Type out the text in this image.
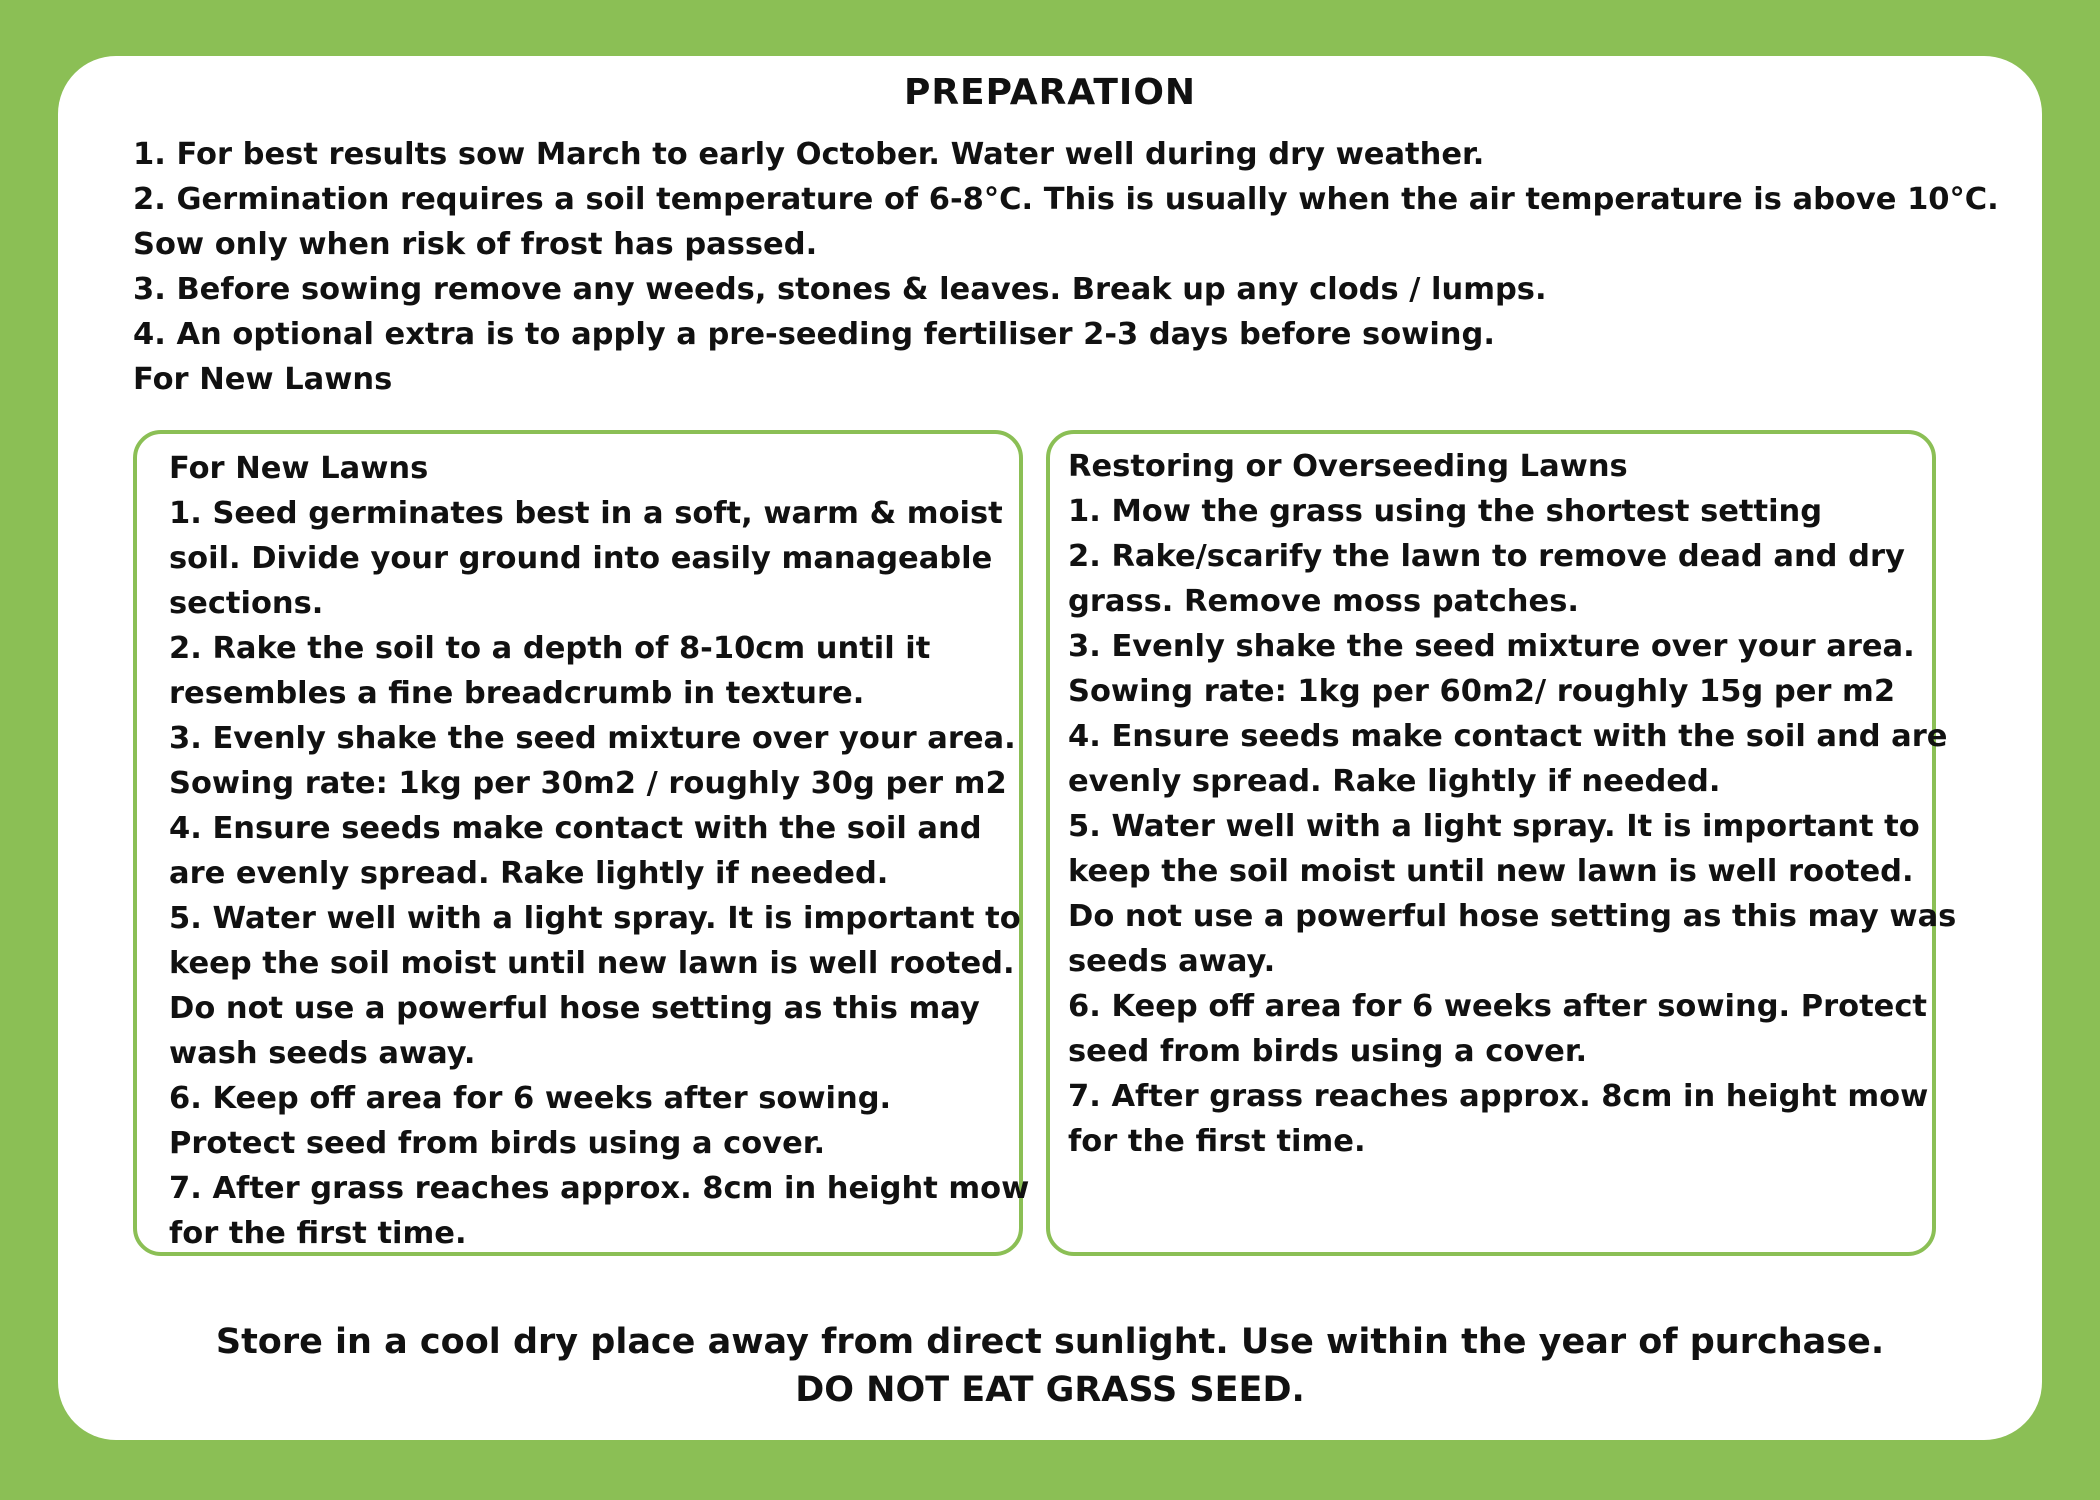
PREPARATION
1. For best results sow March to early October. Water well during dry weather.
2. Germination requires a soil temperature of 6-8°C. This is usually when the air temperature is above 10°C.
Sow only when risk of frost has passed.
3. Before sowing remove any weeds, stones & leaves. Break up any clods / lumps.
4. An optional extra is to apply a pre-seeding fertiliser 2-3 days before sowing.
For New Lawns
For New Lawns
1. Seed germinates best in a soft, warm & moist
soil. Divide your ground into easily manageable
sections.
2. Rake the soil to a depth of 8-10cm until it
resembles a fine breadcrumb in texture.
3. Evenly shake the seed mixture over your area.
Sowing rate: 1kg per 30m2 / roughly 30g per m2
4. Ensure seeds make contact with the soil and
are evenly spread. Rake lightly if needed.
5. Water well with a light spray. It is important to
keep the soil moist until new lawn is well rooted.
Do not use a powerful hose setting as this may
wash seeds away.
6. Keep off area for 6 weeks after sowing.
Protect seed from birds using a cover.
7. After grass reaches approx. 8cm in height mow
for the first time.
Restoring or Overseeding Lawns
1. Mow the grass using the shortest setting
2. Rake/scarify the lawn to remove dead and dry
grass. Remove moss patches.
3. Evenly shake the seed mixture over your area.
Sowing rate: 1kg per 60m2/ roughly 15g per m2
4. Ensure seeds make contact with the soil and are
evenly spread. Rake lightly if needed.
5. Water well with a light spray. It is important to
keep the soil moist until new lawn is well rooted.
Do not use a powerful hose setting as this may was
seeds away.
6. Keep off area for 6 weeks after sowing. Protect
seed from birds using a cover.
7. After grass reaches approx. 8cm in height mow
for the first time.
Store in a cool dry place away from direct sunlight. Use within the year of purchase.
DO NOT EAT GRASS SEED.
